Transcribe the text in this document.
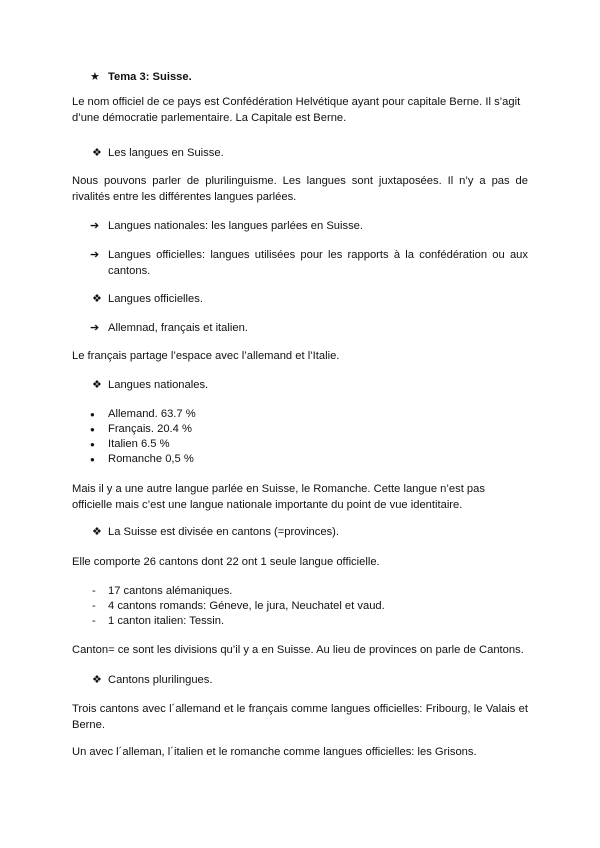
★ Tema 3: Suisse.

Le nom officiel de ce pays est Confédération Helvétique ayant pour capitale Berne. Il s’agit d’une démocratie parlementaire. La Capitale est Berne.

❖ Les langues en Suisse.

Nous pouvons parler de plurilinguisme. Les langues sont juxtaposées. Il n’y a pas de rivalités entre les différentes langues parlées.

➔ Langues nationales: les langues parlées en Suisse.
➔ Langues officielles: langues utilisées pour les rapports à la confédération ou aux cantons.
❖ Langues officielles.
➔ Allemnad, français et italien.

Le français partage l’espace avec l’allemand et l’Italie.

❖ Langues nationales.
● Allemand. 63.7 %
● Français. 20.4 %
● Italien 6.5 %
● Romanche 0,5 %

Mais il y a une autre langue parlée en Suisse, le Romanche. Cette langue n’est pas officielle mais c’est une langue nationale importante du point de vue identitaire.

❖ La Suisse est divisée en cantons (=provinces).

Elle comporte 26 cantons dont 22 ont 1 seule langue officielle.

- 17 cantons alémaniques.
- 4 cantons romands: Géneve, le jura, Neuchatel et vaud.
- 1 canton italien: Tessin.

Canton= ce sont les divisions qu’il y a en Suisse. Au lieu de provinces on parle de Cantons.

❖ Cantons plurilingues.

Trois cantons avec l´allemand et le français comme langues officielles: Fribourg, le Valais et Berne.

Un avec l´alleman, l´italien et le romanche comme langues officielles: les Grisons.
